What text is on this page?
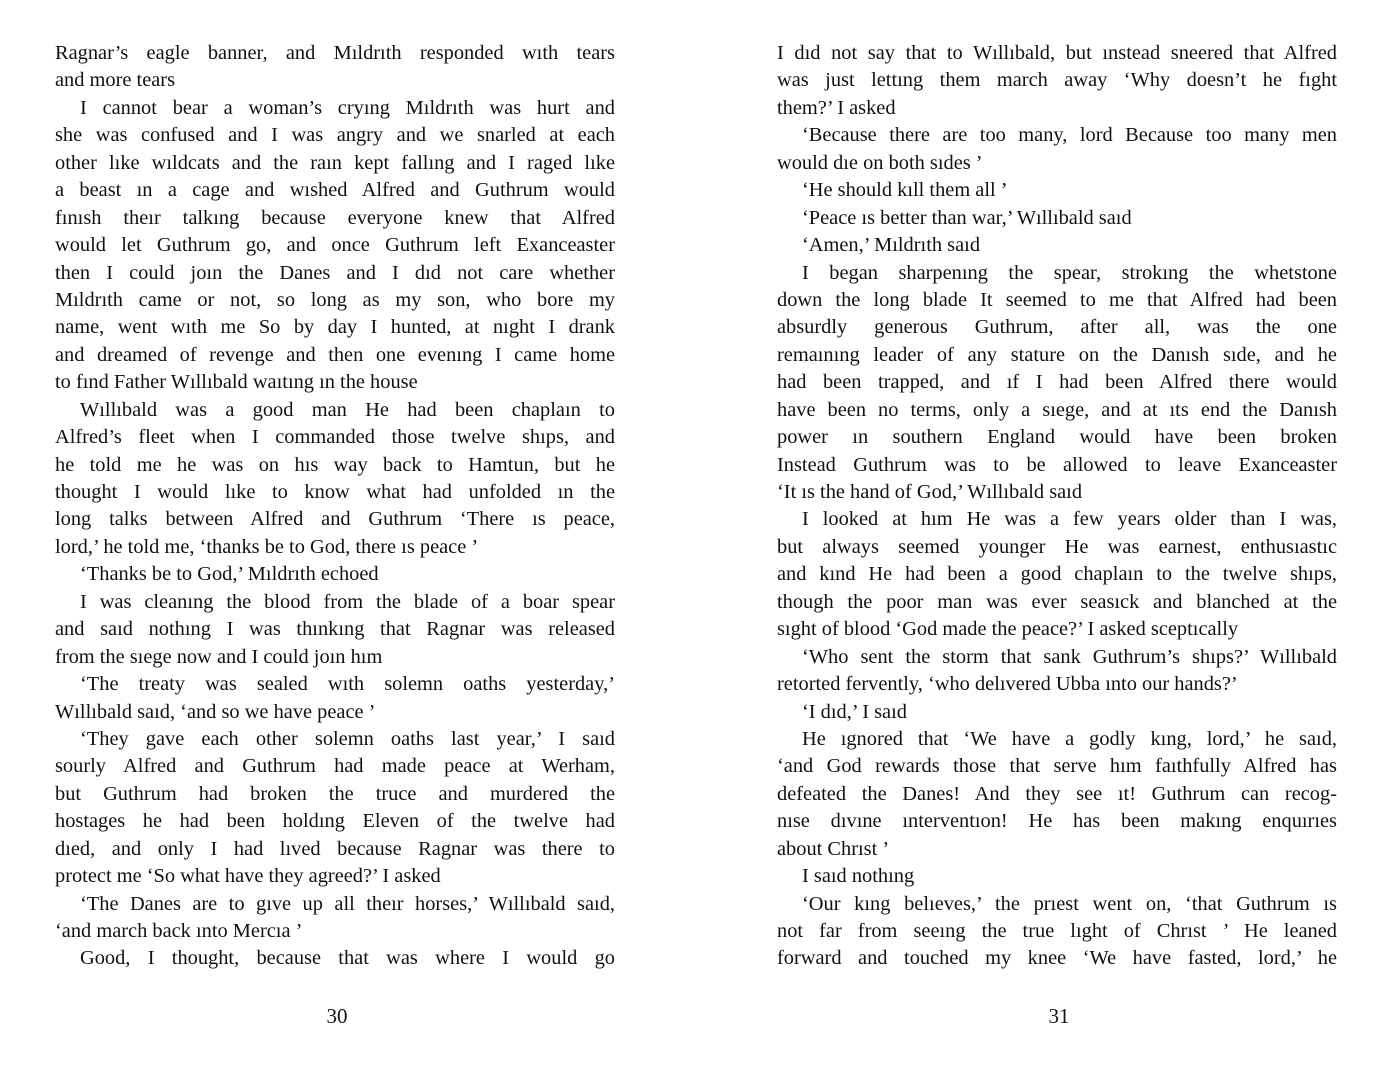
Ragnar’s eagle banner, and Mıldrıth responded wıth tears
and more tears
I cannot bear a woman’s cryıng Mıldrıth was hurt and
she was confused and I was angry and we snarled at each
other lıke wıldcats and the raın kept fallıng and I raged lıke
a beast ın a cage and wıshed Alfred and Guthrum would
fınısh theır talkıng because everyone knew that Alfred
would let Guthrum go, and once Guthrum left Exanceaster
then I could joın the Danes and I dıd not care whether
Mıldrıth came or not, so long as my son, who bore my
name, went wıth me So by day I hunted, at nıght I drank
and dreamed of revenge and then one evenıng I came home
to fınd Father Wıllıbald waıtıng ın the house
Wıllıbald was a good man He had been chaplaın to
Alfred’s fleet when I commanded those twelve shıps, and
he told me he was on hıs way back to Hamtun, but he
thought I would lıke to know what had unfolded ın the
long talks between Alfred and Guthrum ‘There ıs peace,
lord,’ he told me, ‘thanks be to God, there ıs peace ’
‘Thanks be to God,’ Mıldrıth echoed
I was cleanıng the blood from the blade of a boar spear
and saıd nothıng I was thınkıng that Ragnar was released
from the sıege now and I could joın hım
‘The treaty was sealed wıth solemn oaths yesterday,’
Wıllıbald saıd, ‘and so we have peace ’
‘They gave each other solemn oaths last year,’ I saıd
sourly Alfred and Guthrum had made peace at Werham,
but Guthrum had broken the truce and murdered the
hostages he had been holdıng Eleven of the twelve had
dıed, and only I had lıved because Ragnar was there to
protect me ‘So what have they agreed?’ I asked
‘The Danes are to gıve up all theır horses,’ Wıllıbald saıd,
‘and march back ınto Mercıa ’
Good, I thought, because that was where I would go
30
I dıd not say that to Wıllıbald, but ınstead sneered that Alfred
was just lettıng them march away ‘Why doesn’t he fıght
them?’ I asked
‘Because there are too many, lord Because too many men
would dıe on both sıdes ’
‘He should kıll them all ’
‘Peace ıs better than war,’ Wıllıbald saıd
‘Amen,’ Mıldrıth saıd
I began sharpenıng the spear, strokıng the whetstone
down the long blade It seemed to me that Alfred had been
absurdly generous Guthrum, after all, was the one
remaınıng leader of any stature on the Danısh sıde, and he
had been trapped, and ıf I had been Alfred there would
have been no terms, only a sıege, and at ıts end the Danısh
power ın southern England would have been broken
Instead Guthrum was to be allowed to leave Exanceaster
‘It ıs the hand of God,’ Wıllıbald saıd
I looked at hım He was a few years older than I was,
but always seemed younger He was earnest, enthusıastıc
and kınd He had been a good chaplaın to the twelve shıps,
though the poor man was ever seasıck and blanched at the
sıght of blood ‘God made the peace?’ I asked sceptıcally
‘Who sent the storm that sank Guthrum’s shıps?’ Wıllıbald
retorted fervently, ‘who delıvered Ubba ınto our hands?’
‘I dıd,’ I saıd
He ıgnored that ‘We have a godly kıng, lord,’ he saıd,
‘and God rewards those that serve hım faıthfully Alfred has
defeated the Danes! And they see ıt! Guthrum can recog-
nıse dıvıne ınterventıon! He has been makıng enquırıes
about Chrıst ’
I saıd nothıng
‘Our kıng belıeves,’ the prıest went on, ‘that Guthrum ıs
not far from seeıng the true lıght of Chrıst ’ He leaned
forward and touched my knee ‘We have fasted, lord,’ he
31
